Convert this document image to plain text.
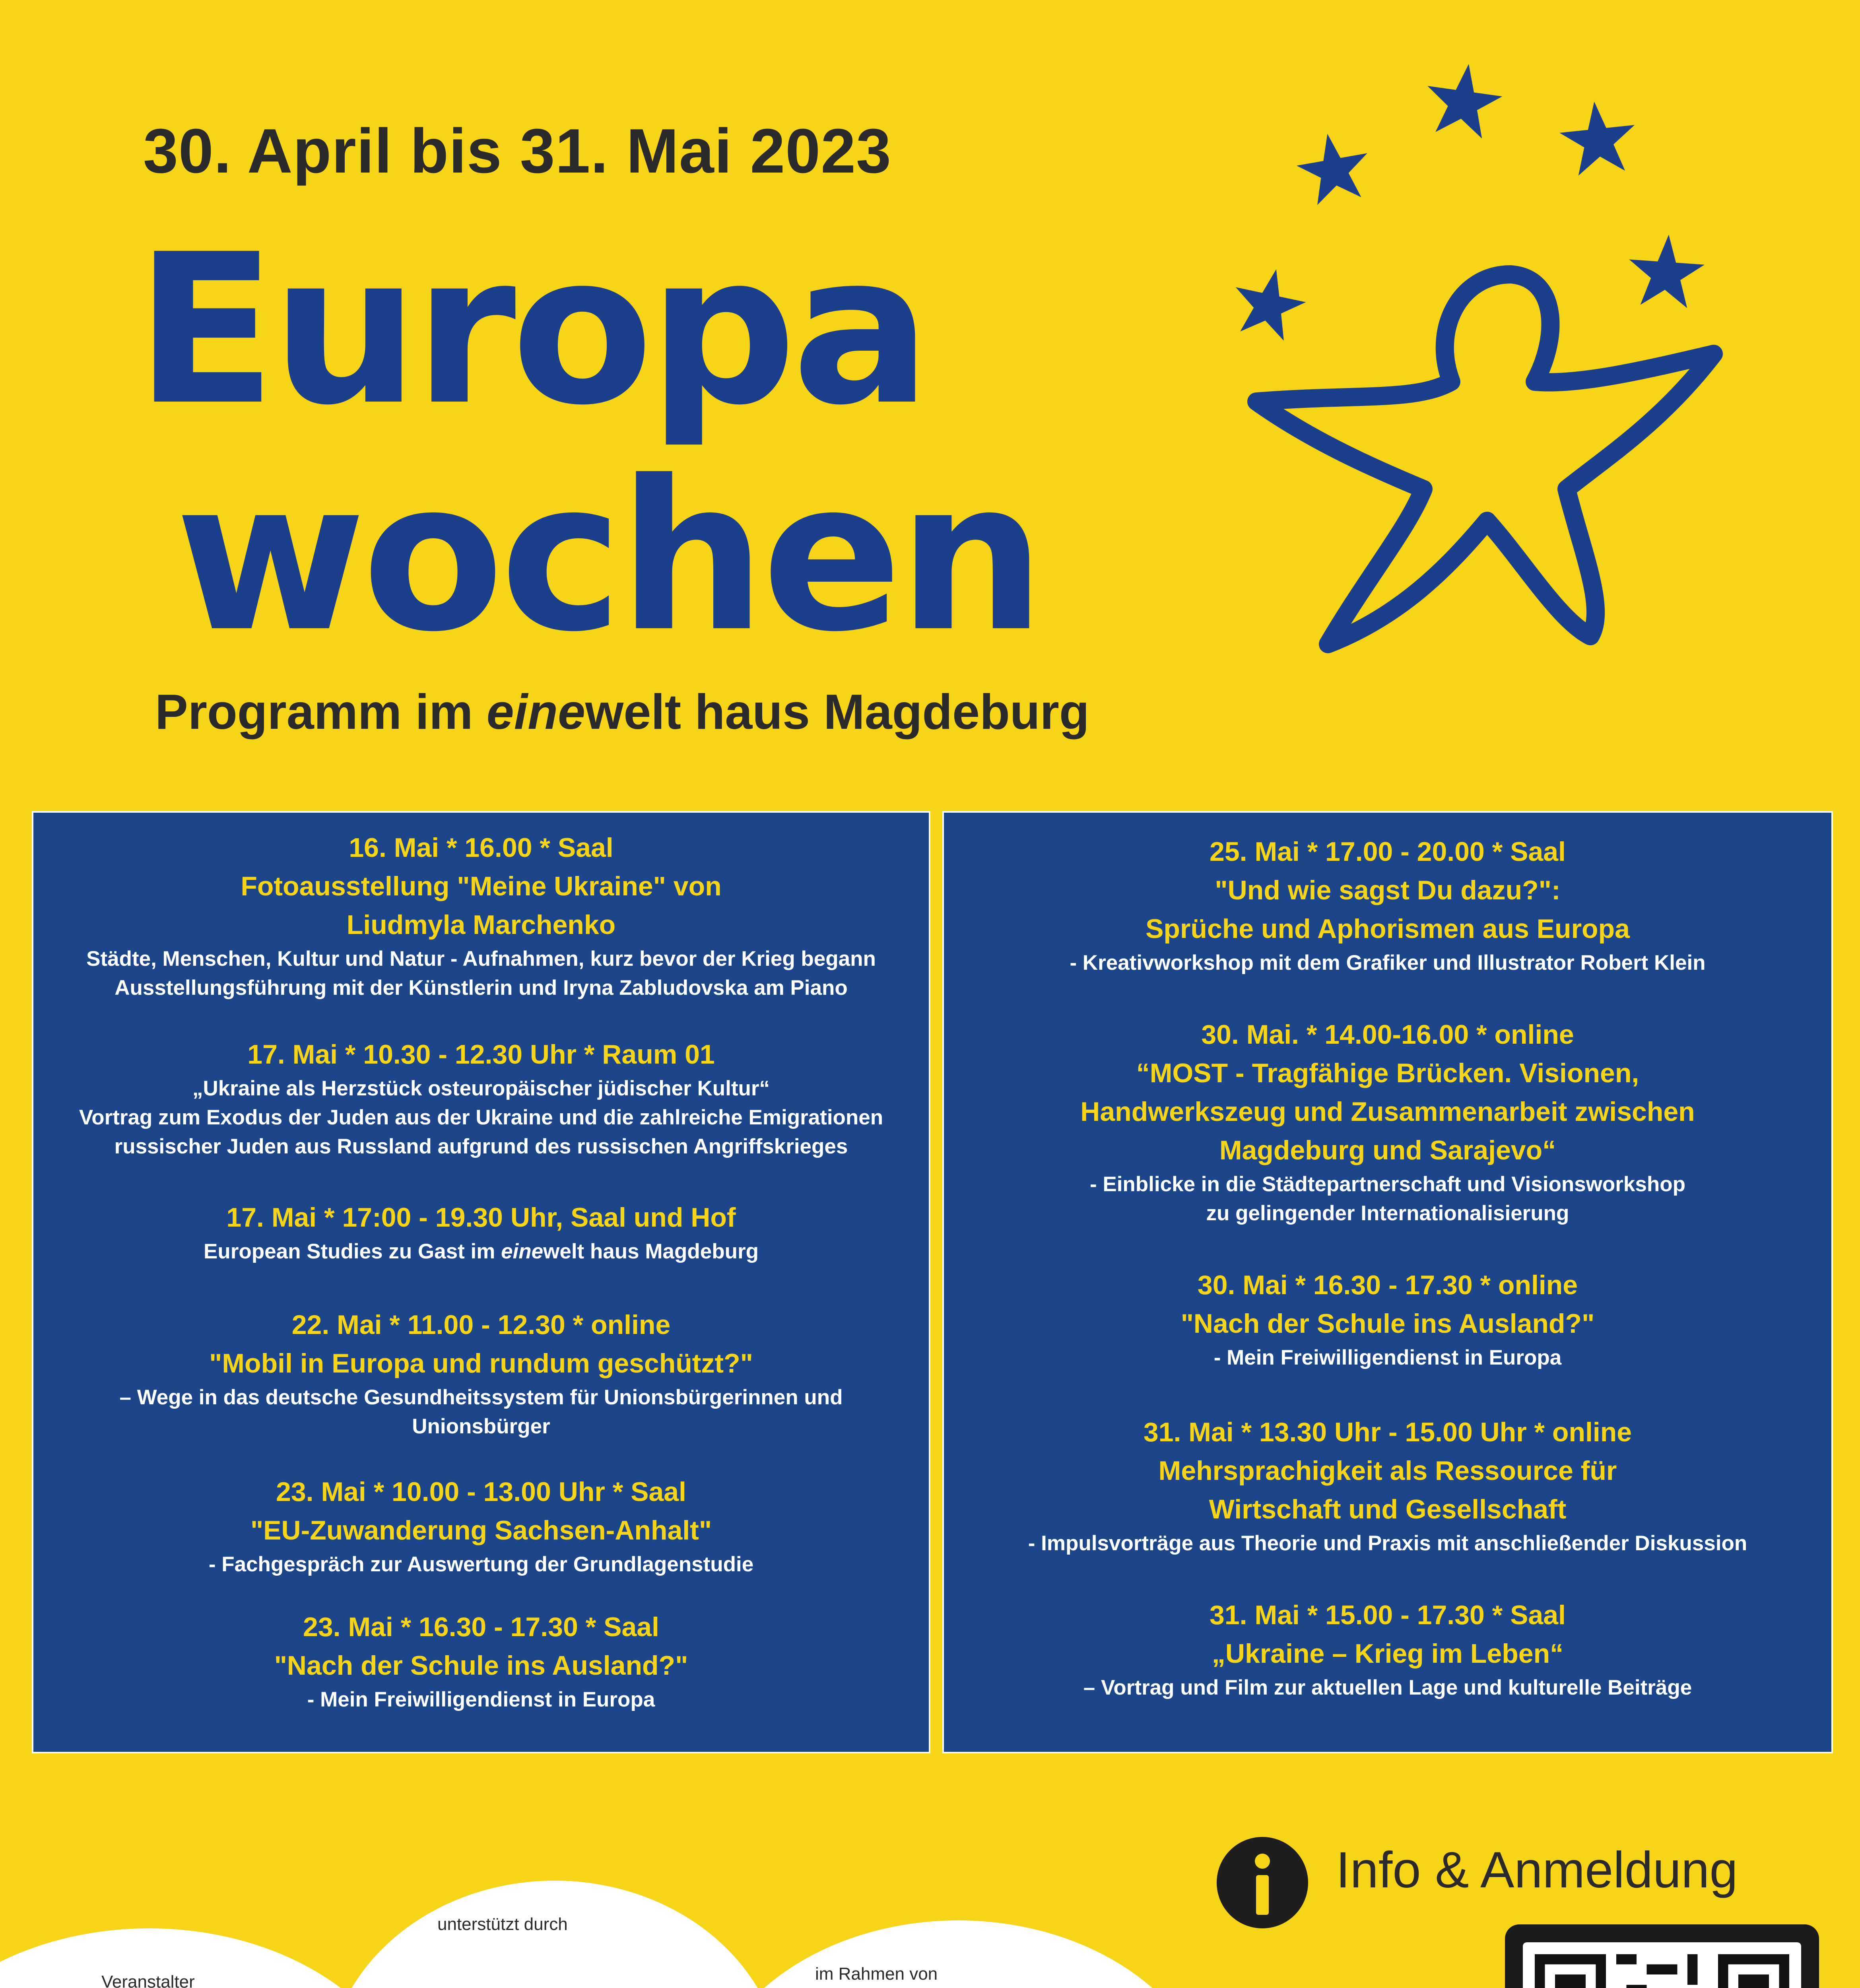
30. April bis 31. Mai 2023
Europa
wochen
Programm im einewelt haus Magdeburg
16. Mai * 16.00 * Saal
Fotoausstellung "Meine Ukraine" von
Liudmyla Marchenko
Städte, Menschen, Kultur und Natur - Aufnahmen, kurz bevor der Krieg begann
Ausstellungsführung mit der Künstlerin und Iryna Zabludovska am Piano
17. Mai * 10.30 - 12.30 Uhr * Raum 01
„Ukraine als Herzstück osteuropäischer jüdischer Kultur“
Vortrag zum Exodus der Juden aus der Ukraine und die zahlreiche Emigrationen
russischer Juden aus Russland aufgrund des russischen Angriffskrieges
17. Mai * 17:00 - 19.30 Uhr, Saal und Hof
European Studies zu Gast im einewelt haus Magdeburg
22. Mai * 11.00 - 12.30 * online
"Mobil in Europa und rundum geschützt?"
– Wege in das deutsche Gesundheitssystem für Unionsbürgerinnen und
Unionsbürger
23. Mai * 10.00 - 13.00 Uhr * Saal
"EU-Zuwanderung Sachsen-Anhalt"
- Fachgespräch zur Auswertung der Grundlagenstudie
23. Mai * 16.30 - 17.30 * Saal
"Nach der Schule ins Ausland?"
- Mein Freiwilligendienst in Europa
25. Mai * 17.00 - 20.00 * Saal
"Und wie sagst Du dazu?":
Sprüche und Aphorismen aus Europa
- Kreativworkshop mit dem Grafiker und Illustrator Robert Klein
30. Mai. * 14.00-16.00 * online
“MOST - Tragfähige Brücken. Visionen,
Handwerkszeug und Zusammenarbeit zwischen
Magdeburg und Sarajevo“
- Einblicke in die Städtepartnerschaft und Visionsworkshop
zu gelingender Internationalisierung
30. Mai * 16.30 - 17.30 * online
"Nach der Schule ins Ausland?"
- Mein Freiwilligendienst in Europa
31. Mai * 13.30 Uhr - 15.00 Uhr * online
Mehrsprachigkeit als Ressource für
Wirtschaft und Gesellschaft
- Impulsvorträge aus Theorie und Praxis mit anschließender Diskussion
31. Mai * 15.00 - 17.30 * Saal
„Ukraine – Krieg im Leben“
– Vortrag und Film zur aktuellen Lage und kulturelle Beiträge
Info & Anmeldung
Veranstalter
unterstützt durch
im Rahmen von
